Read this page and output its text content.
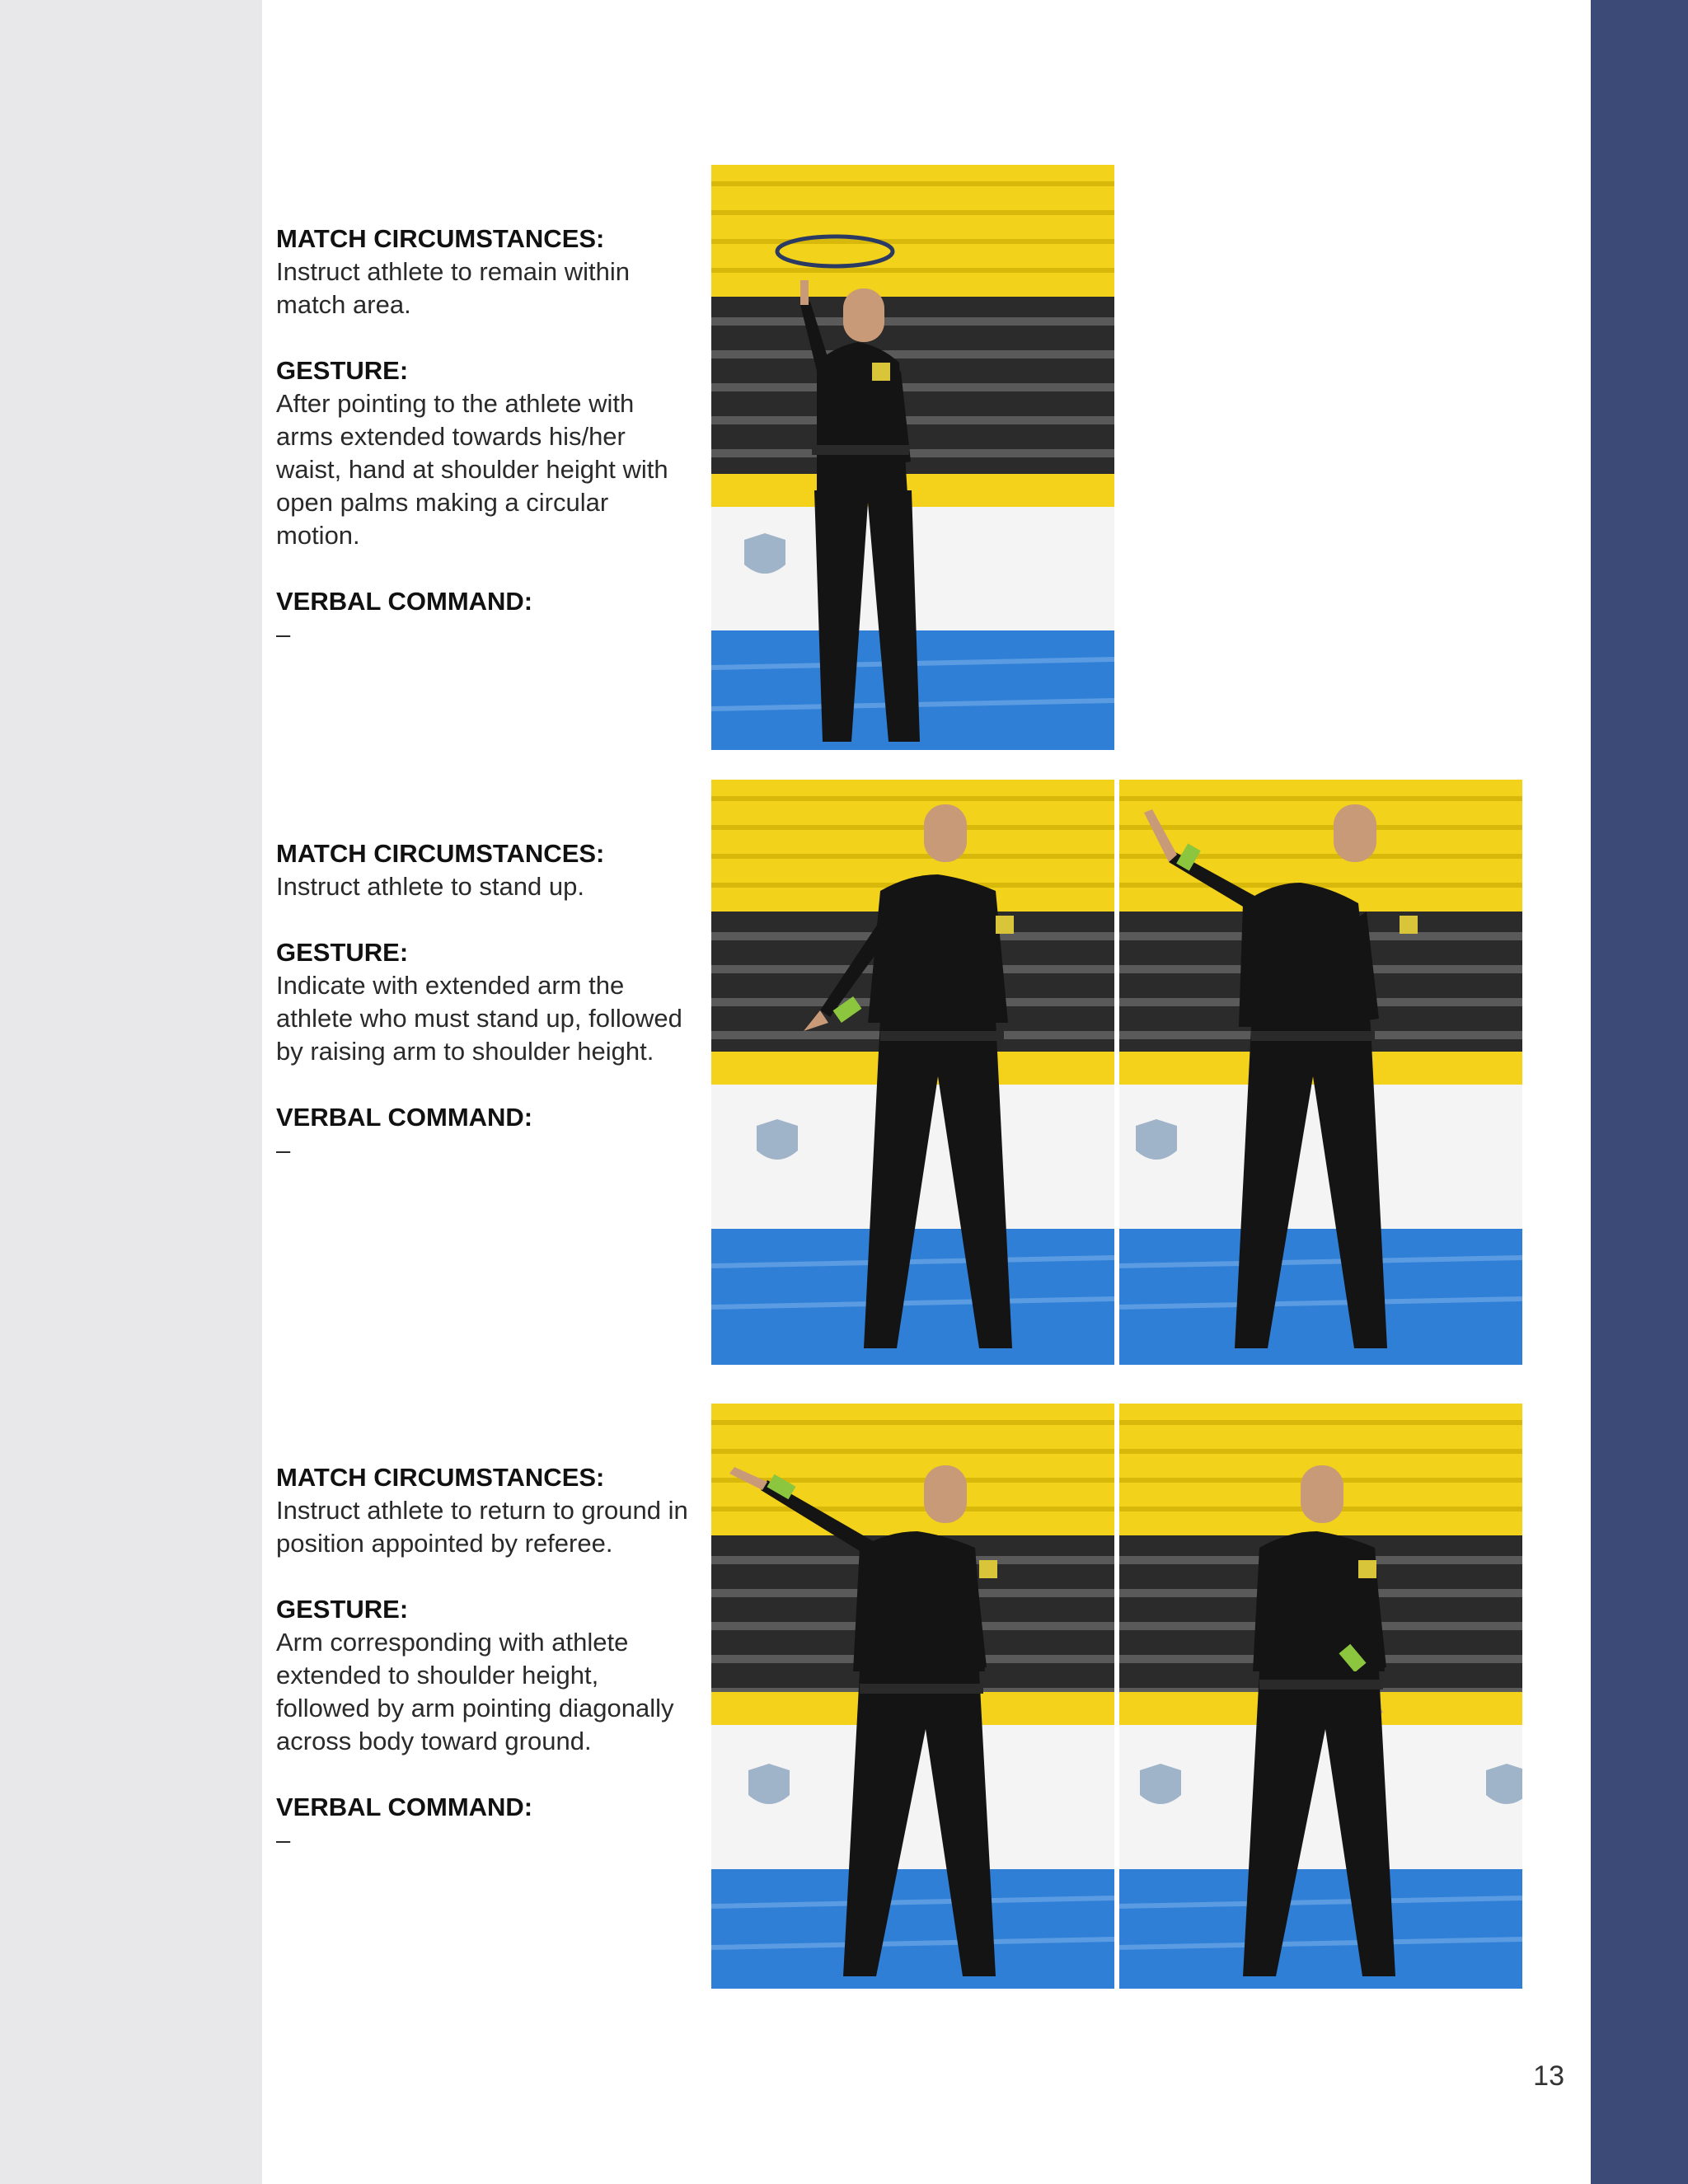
MATCH CIRCUMSTANCES:
Instruct athlete to remain within match area.
GESTURE:
After pointing to the athlete with arms extended towards his/her waist, hand at shoulder height with open palms making a circular motion.
VERBAL COMMAND:
–
MATCH CIRCUMSTANCES:
Instruct athlete to stand up.
GESTURE:
Indicate with extended arm the athlete who must stand up, followed by raising arm to shoulder height.
VERBAL COMMAND:
–
MATCH CIRCUMSTANCES:
Instruct athlete to return to ground in position appointed by referee.
GESTURE:
Arm corresponding with athlete extended to shoulder height, followed by arm pointing diagonally across body toward ground.
VERBAL COMMAND:
–
13
